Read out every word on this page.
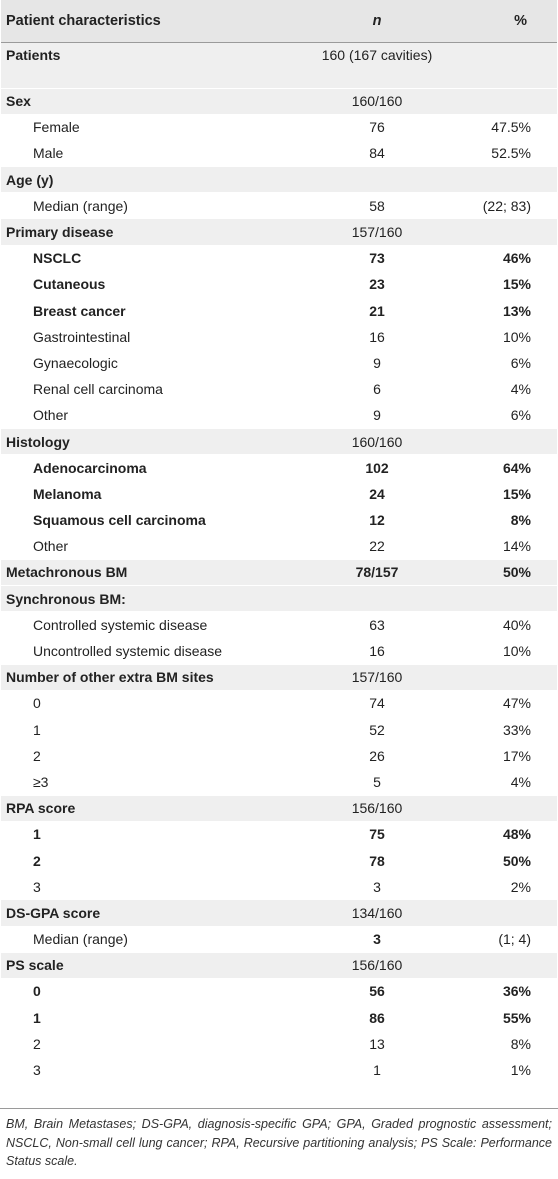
Patient characteristics	n	%
Patients	160 (167 cavities)	
Sex	160/160	
Female	76	47.5%
Male	84	52.5%
Age (y)		
Median (range)	58	(22; 83)
Primary disease	157/160	
NSCLC	73	46%
Cutaneous	23	15%
Breast cancer	21	13%
Gastrointestinal	16	10%
Gynaecologic	9	6%
Renal cell carcinoma	6	4%
Other	9	6%
Histology	160/160	
Adenocarcinoma	102	64%
Melanoma	24	15%
Squamous cell carcinoma	12	8%
Other	22	14%
Metachronous BM	78/157	50%
Synchronous BM:		
Controlled systemic disease	63	40%
Uncontrolled systemic disease	16	10%
Number of other extra BM sites	157/160	
0	74	47%
1	52	33%
2	26	17%
≥3	5	4%
RPA score	156/160	
1	75	48%
2	78	50%
3	3	2%
DS-GPA score	134/160	
Median (range)	3	(1; 4)
PS scale	156/160	
0	56	36%
1	86	55%
2	13	8%
3	1	1%

BM, Brain Metastases; DS-GPA, diagnosis-specific GPA; GPA, Graded prognostic assessment; NSCLC, Non-small cell lung cancer; RPA, Recursive partitioning analysis; PS Scale: Performance Status scale.
